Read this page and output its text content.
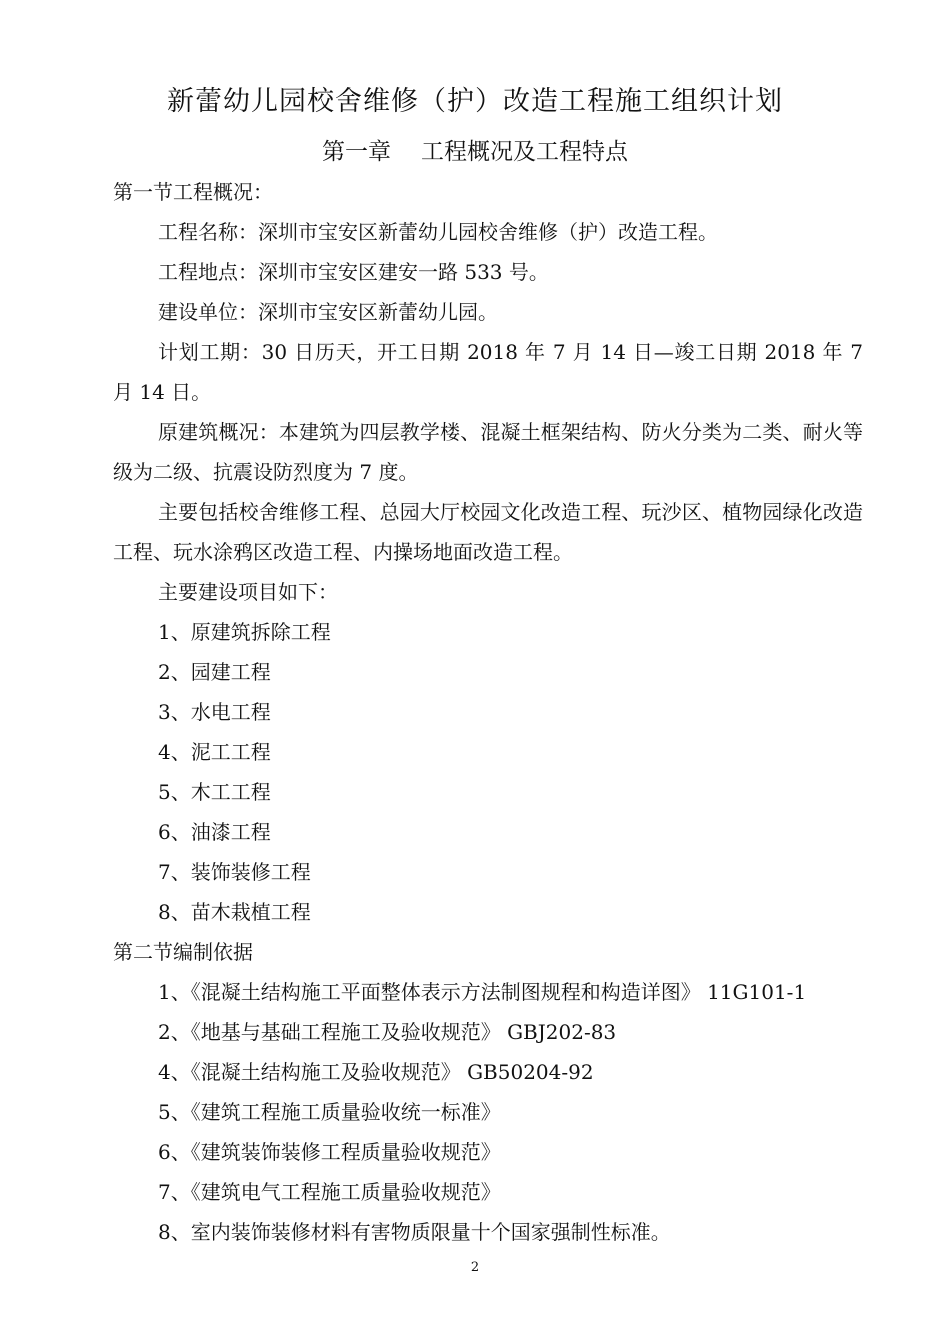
新蕾幼儿园校舍维修（护）改造工程施工组织计划
第一章 工程概况及工程特点
第一节工程概况：
工程名称：深圳市宝安区新蕾幼儿园校舍维修（护）改造工程。
工程地点：深圳市宝安区建安一路 533 号。
建设单位：深圳市宝安区新蕾幼儿园。

计划工期：30 日历天，开工日期 2018 年 7 月 14 日—竣工日期 2018 年 7 月 14 日。

原建筑概况：本建筑为四层教学楼、混凝土框架结构、防火分类为二类、耐火等级为二级、抗震设防烈度为 7 度。

主要包括校舍维修工程、总园大厅校园文化改造工程、玩沙区、植物园绿化改造工程、玩水涂鸦区改造工程、内操场地面改造工程。

主要建设项目如下：
1、原建筑拆除工程
2、园建工程
3、水电工程
4、泥工工程
5、木工工程
6、油漆工程
7、装饰装修工程
8、苗木栽植工程
第二节编制依据
1、《混凝土结构施工平面整体表示方法制图规程和构造详图》 11G101-1
2、《地基与基础工程施工及验收规范》 GBJ202-83
4、《混凝土结构施工及验收规范》 GB50204-92
5、《建筑工程施工质量验收统一标准》
6、《建筑装饰装修工程质量验收规范》
7、《建筑电气工程施工质量验收规范》
8、室内装饰装修材料有害物质限量十个国家强制性标准。
2
